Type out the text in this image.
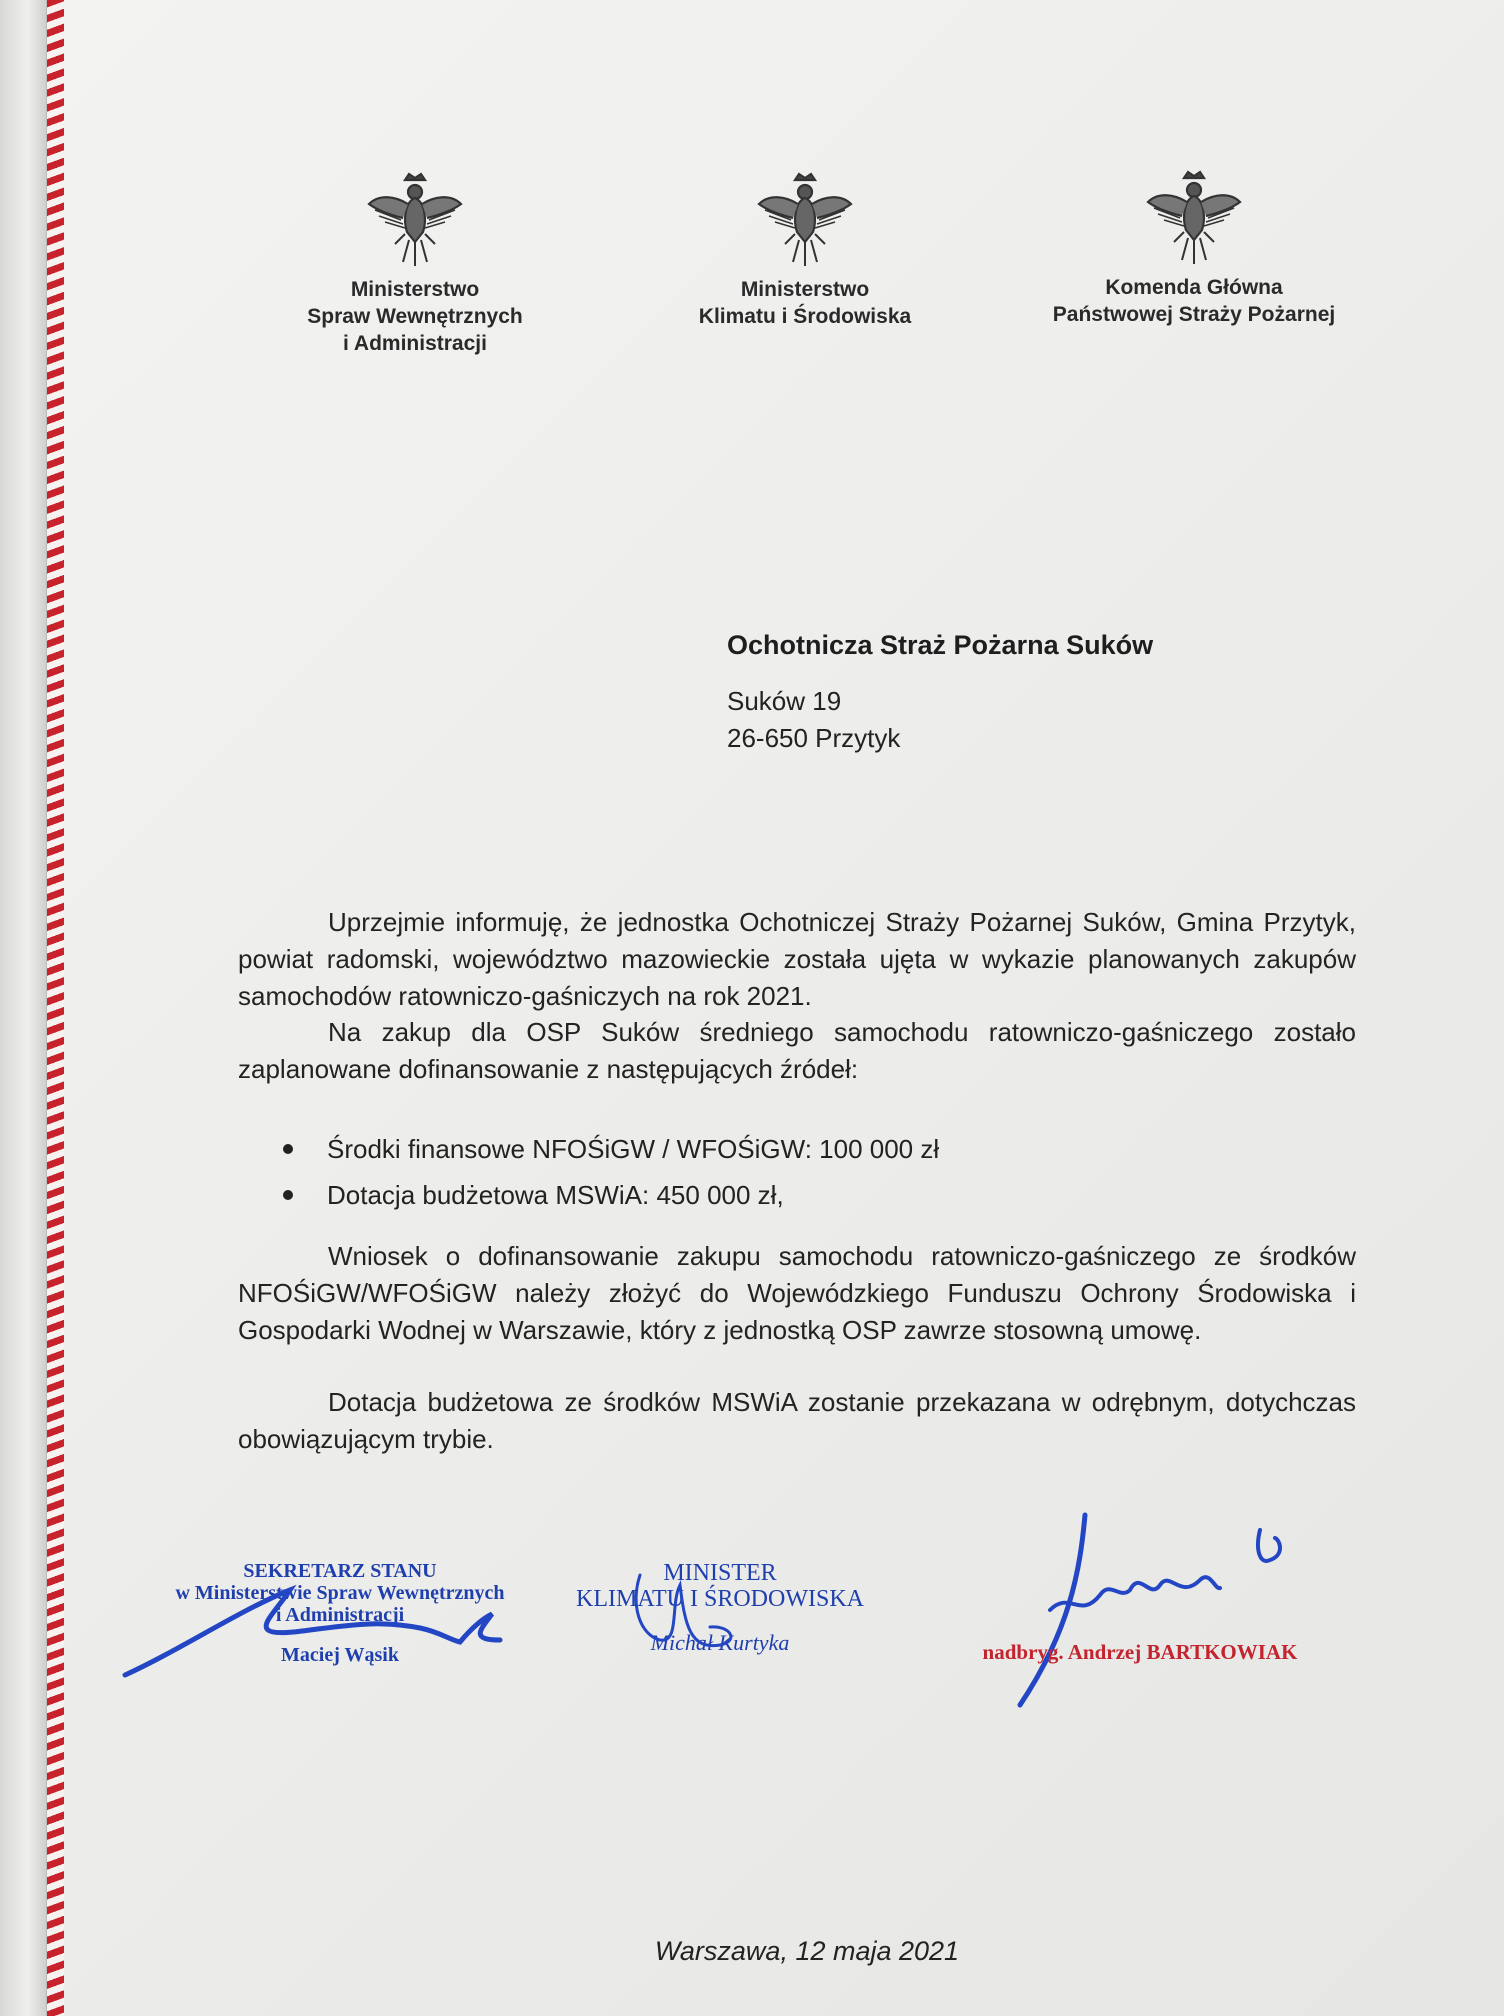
Ministerstwo
Spraw Wewnętrznych
i Administracji
Ministerstwo
Klimatu i Środowiska
Komenda Główna
Państwowej Straży Pożarnej
Ochotnicza Straż Pożarna Suków
Suków 19
26-650 Przytyk
Uprzejmie informuję, że jednostka Ochotniczej Straży Pożarnej Suków, Gmina Przytyk, powiat radomski, województwo mazowieckie została ujęta w wykazie planowanych zakupów samochodów ratowniczo-gaśniczych na rok 2021.
Na zakup dla OSP Suków średniego samochodu ratowniczo-gaśniczego zostało zaplanowane dofinansowanie z następujących źródeł:
Środki finansowe NFOŚiGW / WFOŚiGW: 100 000 zł
Dotacja budżetowa MSWiA: 450 000 zł,
Wniosek o dofinansowanie zakupu samochodu ratowniczo-gaśniczego ze środków NFOŚiGW/WFOŚiGW należy złożyć do Wojewódzkiego Funduszu Ochrony Środowiska i Gospodarki Wodnej w Warszawie, który z jednostką OSP zawrze stosowną umowę.
Dotacja budżetowa ze środków MSWiA zostanie przekazana w odrębnym, dotychczas obowiązującym trybie.
SEKRETARZ STANU
w Ministerstwie Spraw Wewnętrznych
i Administracji
Maciej Wąsik
MINISTER
KLIMATU I ŚRODOWISKA
Michał Kurtyka	nadbryg. Andrzej BARTKOWIAK
Warszawa, 12 maja 2021
